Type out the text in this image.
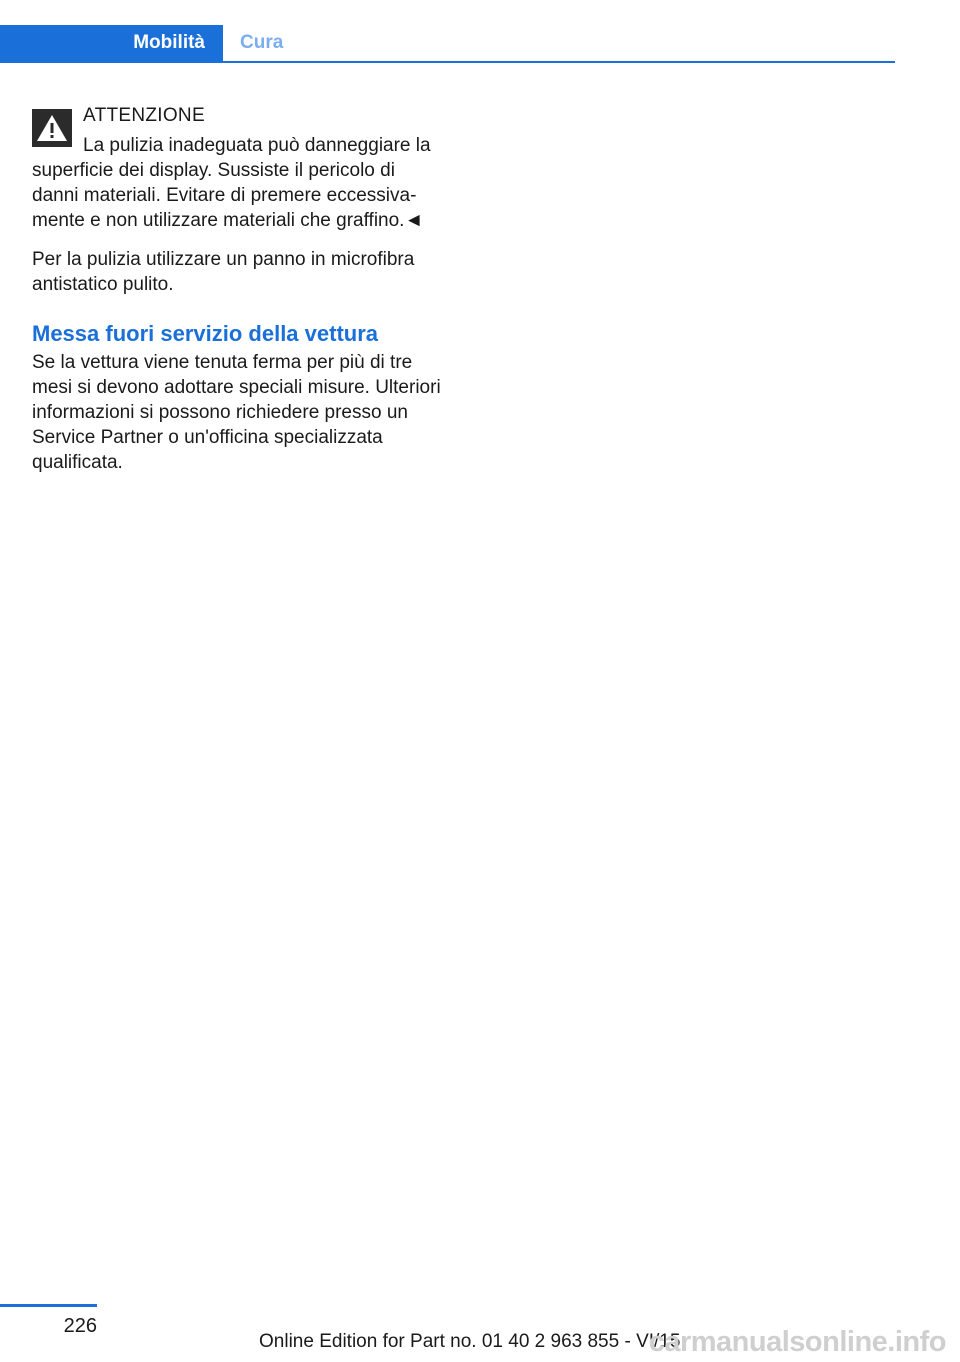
Mobilità	Cura
ATTENZIONE

La pulizia inadeguata può danneggiare la superficie dei display. Sussiste il pericolo di danni materiali. Evitare di premere eccessivamente e non utilizzare materiali che graffino.◄

Per la pulizia utilizzare un panno in microfibra antistatico pulito.

Messa fuori servizio della vettura

Se la vettura viene tenuta ferma per più di tre mesi si devono adottare speciali misure. Ulteriori informazioni si possono richiedere presso un Service Partner o un'officina specializzata qualificata.

226
Online Edition for Part no. 01 40 2 963 855 - VI/15
carmanualsonline.info
